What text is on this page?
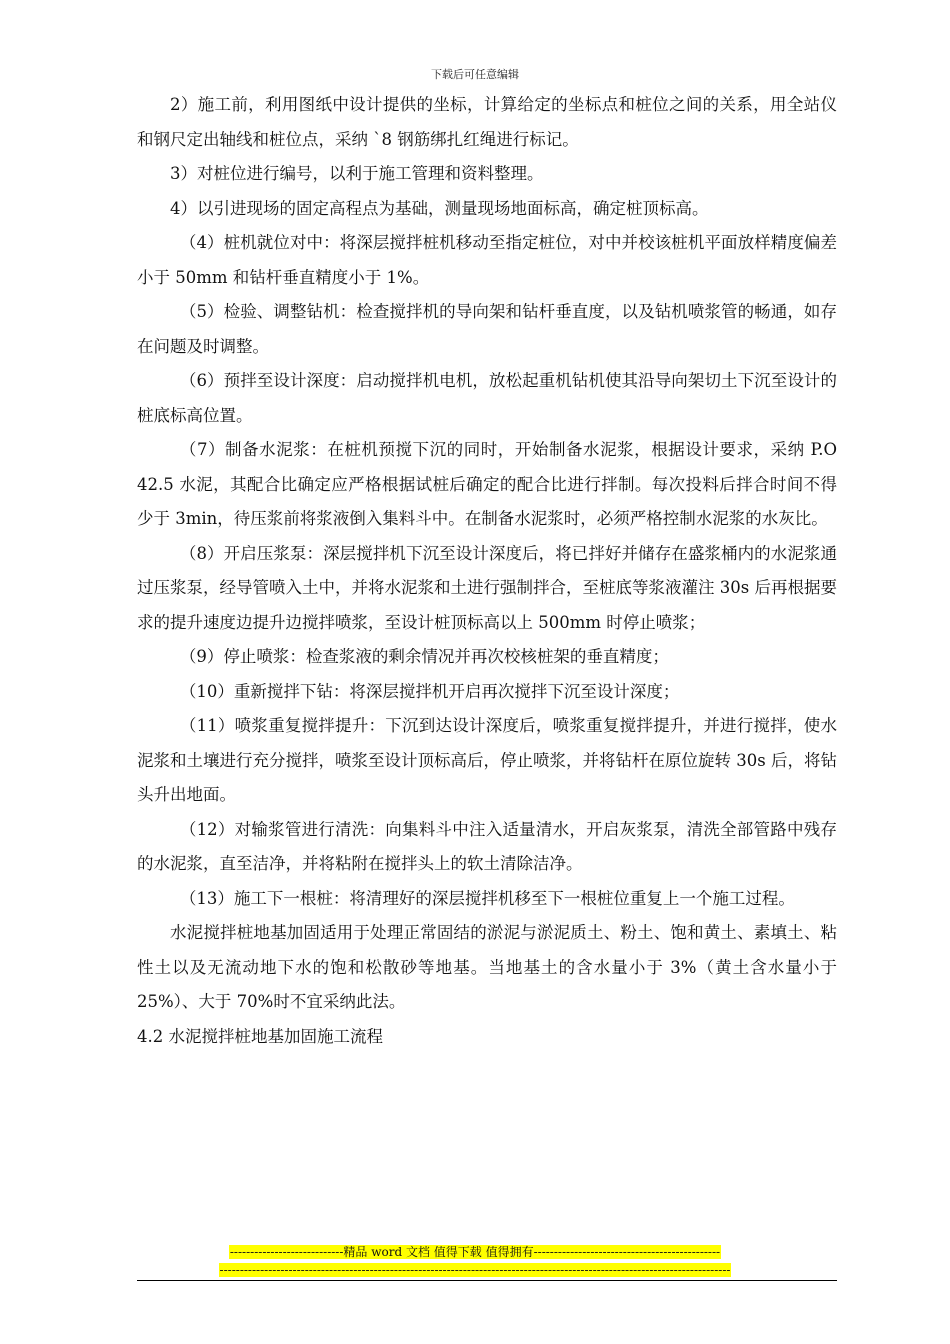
下载后可任意编辑

2）施工前，利用图纸中设计提供的坐标，计算给定的坐标点和桩位之间的关系，用全站仪和钢尺定出轴线和桩位点，采纳 `8 钢筋绑扎红绳进行标记。

3）对桩位进行编号，以利于施工管理和资料整理。

4）以引进现场的固定高程点为基础，测量现场地面标高，确定桩顶标高。

（4）桩机就位对中：将深层搅拌桩机移动至指定桩位，对中并校该桩机平面放样精度偏差小于 50mm 和钻杆垂直精度小于 1%。

（5）检验、调整钻机：检查搅拌机的导向架和钻杆垂直度，以及钻机喷浆管的畅通，如存在问题及时调整。

（6）预拌至设计深度：启动搅拌机电机，放松起重机钻机使其沿导向架切土下沉至设计的桩底标高位置。

（7）制备水泥浆：在桩机预搅下沉的同时，开始制备水泥浆，根据设计要求，采纳 P.O 42.5 水泥，其配合比确定应严格根据试桩后确定的配合比进行拌制。每次投料后拌合时间不得少于 3min，待压浆前将浆液倒入集料斗中。在制备水泥浆时，必须严格控制水泥浆的水灰比。

（8）开启压浆泵：深层搅拌机下沉至设计深度后，将已拌好并储存在盛浆桶内的水泥浆通过压浆泵，经导管喷入土中，并将水泥浆和土进行强制拌合，至桩底等浆液灌注 30s 后再根据要求的提升速度边提升边搅拌喷浆，至设计桩顶标高以上 500mm 时停止喷浆；

（9）停止喷浆：检查浆液的剩余情况并再次校核桩架的垂直精度；

（10）重新搅拌下钻：将深层搅拌机开启再次搅拌下沉至设计深度；

（11）喷浆重复搅拌提升：下沉到达设计深度后，喷浆重复搅拌提升，并进行搅拌，使水泥浆和土壤进行充分搅拌，喷浆至设计顶标高后，停止喷浆，并将钻杆在原位旋转 30s 后，将钻头升出地面。

（12）对输浆管进行清洗：向集料斗中注入适量清水，开启灰浆泵，清洗全部管路中残存的水泥浆，直至洁净，并将粘附在搅拌头上的软土清除洁净。

（13）施工下一根桩：将清理好的深层搅拌机移至下一根桩位重复上一个施工过程。

水泥搅拌桩地基加固适用于处理正常固结的淤泥与淤泥质土、粉土、饱和黄土、素填土、粘性土以及无流动地下水的饱和松散砂等地基。当地基土的含水量小于 3%（黄土含水量小于 25%）、大于 70%时不宜采纳此法。

4.2 水泥搅拌桩地基加固施工流程

----------------------------精品 word 文档 值得下载 值得拥有----------------------------------------------
------------------------------------------------------------------------------------------------------------------------------
